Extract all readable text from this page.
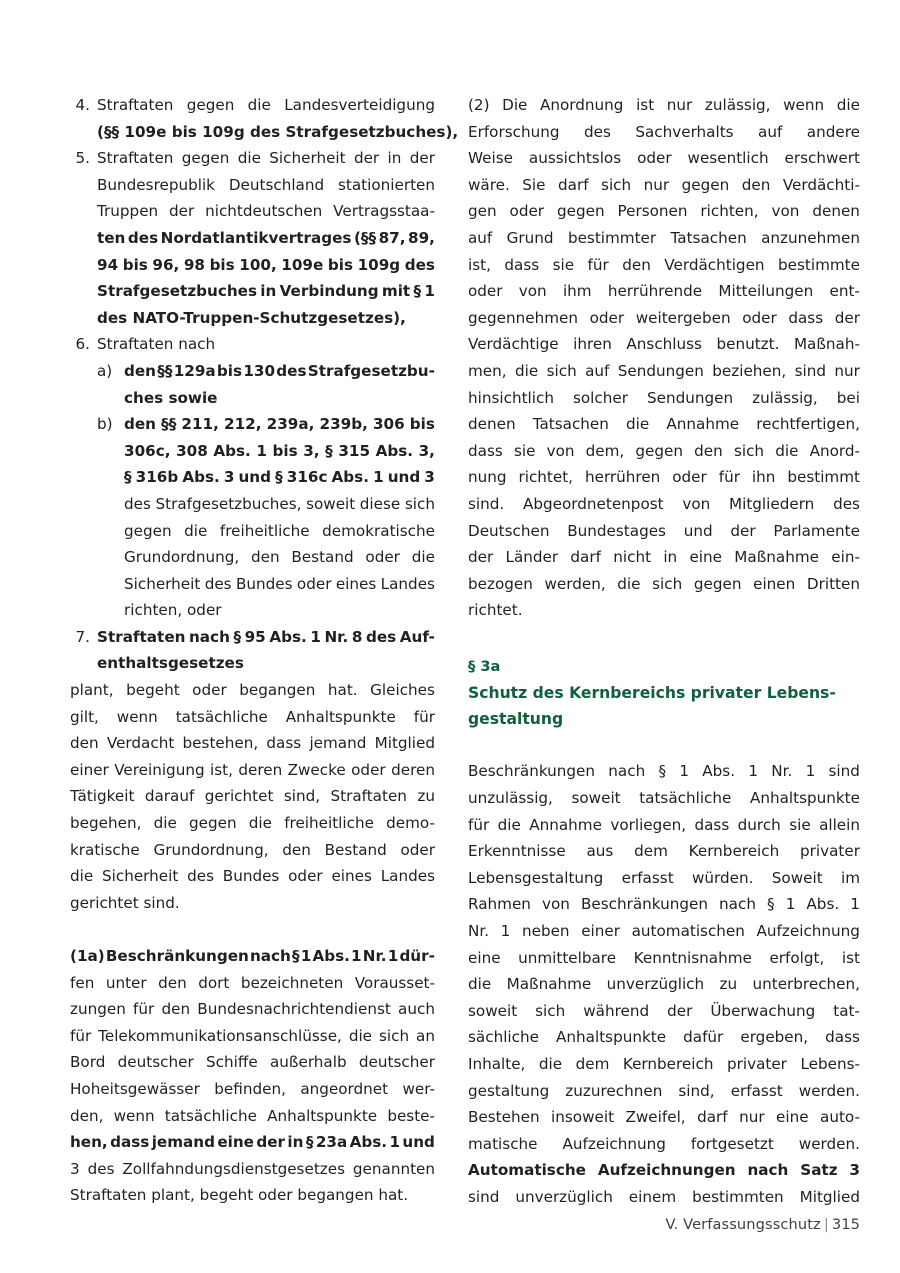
4. Straftaten gegen die Landesverteidigung
(§§ 109e bis 109g des Strafgesetzbuches),
5. Straftaten gegen die Sicherheit der in der
Bundesrepublik Deutschland stationierten
Truppen der nichtdeutschen Vertragsstaa-
ten des Nordatlantikvertrages (§§ 87, 89,
94 bis 96, 98 bis 100, 109e bis 109g des
Strafgesetzbuches in Verbindung mit § 1
des NATO-Truppen-Schutzgesetzes),
6. Straftaten nach
a) den §§ 129a bis 130 des Strafgesetzbu-
ches sowie
b) den §§ 211, 212, 239a, 239b, 306 bis
306c, 308 Abs. 1 bis 3, § 315 Abs. 3,
§ 316b Abs. 3 und § 316c Abs. 1 und 3
des Strafgesetzbuches, soweit diese sich
gegen die freiheitliche demokratische
Grundordnung, den Bestand oder die
Sicherheit des Bundes oder eines Landes
richten, oder
7. Straftaten nach § 95 Abs. 1 Nr. 8 des Auf-
enthaltsgesetzes
plant, begeht oder begangen hat. Gleiches
gilt, wenn tatsächliche Anhaltspunkte für
den Verdacht bestehen, dass jemand Mitglied
einer Vereinigung ist, deren Zwecke oder deren
Tätigkeit darauf gerichtet sind, Straftaten zu
begehen, die gegen die freiheitliche demo-
kratische Grundordnung, den Bestand oder
die Sicherheit des Bundes oder eines Landes
gerichtet sind.
(1a) Beschränkungen nach § 1 Abs. 1 Nr. 1 dür-
fen unter den dort bezeichneten Vorausset-
zungen für den Bundesnachrichtendienst auch
für Telekommunikationsanschlüsse, die sich an
Bord deutscher Schiffe außerhalb deutscher
Hoheitsgewässer befinden, angeordnet wer-
den, wenn tatsächliche Anhaltspunkte beste-
hen, dass jemand eine der in § 23a Abs. 1 und
3 des Zollfahndungsdienstgesetzes genannten
Straftaten plant, begeht oder begangen hat.
(2) Die Anordnung ist nur zulässig, wenn die
Erforschung des Sachverhalts auf andere
Weise aussichtslos oder wesentlich erschwert
wäre. Sie darf sich nur gegen den Verdächti-
gen oder gegen Personen richten, von denen
auf Grund bestimmter Tatsachen anzunehmen
ist, dass sie für den Verdächtigen bestimmte
oder von ihm herrührende Mitteilungen ent-
gegennehmen oder weitergeben oder dass der
Verdächtige ihren Anschluss benutzt. Maßnah-
men, die sich auf Sendungen beziehen, sind nur
hinsichtlich solcher Sendungen zulässig, bei
denen Tatsachen die Annahme rechtfertigen,
dass sie von dem, gegen den sich die Anord-
nung richtet, herrühren oder für ihn bestimmt
sind. Abgeordnetenpost von Mitgliedern des
Deutschen Bundestages und der Parlamente
der Länder darf nicht in eine Maßnahme ein-
bezogen werden, die sich gegen einen Dritten
richtet.
§ 3a
Schutz des Kernbereichs privater Lebens-
gestaltung
Beschränkungen nach § 1 Abs. 1 Nr. 1 sind
unzulässig, soweit tatsächliche Anhaltspunkte
für die Annahme vorliegen, dass durch sie allein
Erkenntnisse aus dem Kernbereich privater
Lebensgestaltung erfasst würden. Soweit im
Rahmen von Beschränkungen nach § 1 Abs. 1
Nr. 1 neben einer automatischen Aufzeichnung
eine unmittelbare Kenntnisnahme erfolgt, ist
die Maßnahme unverzüglich zu unterbrechen,
soweit sich während der Überwachung tat-
sächliche Anhaltspunkte dafür ergeben, dass
Inhalte, die dem Kernbereich privater Lebens-
gestaltung zuzurechnen sind, erfasst werden.
Bestehen insoweit Zweifel, darf nur eine auto-
matische Aufzeichnung fortgesetzt werden.
Automatische Aufzeichnungen nach Satz 3
sind unverzüglich einem bestimmten Mitglied
V. Verfassungsschutz | 315
